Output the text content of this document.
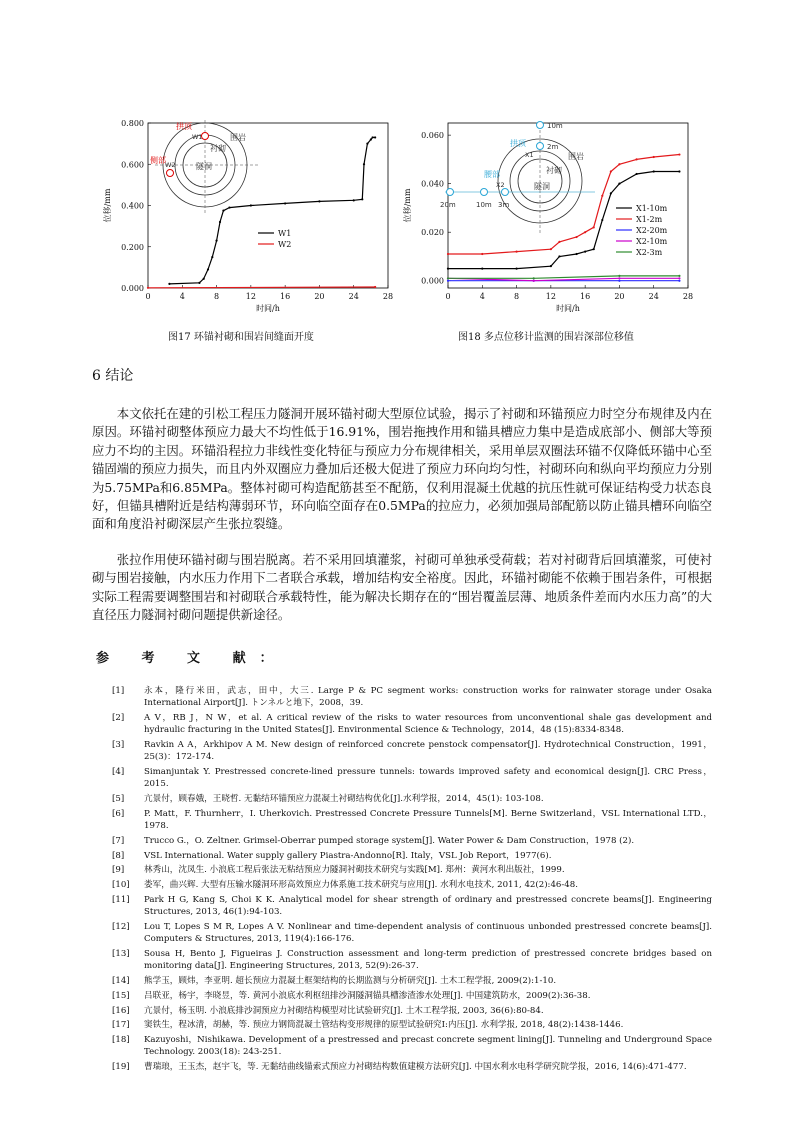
0	4	8	12	16	20	24	28
0.000
0.200
0.400
0.600
0.800
时间/h
位移/mm
拱顶
围岩
衬砌
隧洞
侧部
W1
W2
W1
W2
图17 环锚衬砌和围岩间缝面开度
0	4	8	12	16	20	24	28
0.000
0.020
0.040
0.060
时间/h
位移/mm
拱顶
围岩
衬砌
隧洞
腰部
X1
X2
10m
2m
20m	10m 3m	X1-10m
X1-2m
X2-20m
X2-10m
X2-3m
图18 多点位移计监测的围岩深部位移值
6 结论

本文依托在建的引松工程压力隧洞开展环锚衬砌大型原位试验，揭示了衬砌和环锚预应力时空分布规律及内在原因。环锚衬砌整体预应力最大不均性低于16.91%，围岩拖拽作用和锚具槽应力集中是造成底部小、侧部大等预应力不均的主因。环锚沿程拉力非线性变化特征与预应力分布规律相关，采用单层双圈法环锚不仅降低环锚中心至锚固端的预应力损失，而且内外双圈应力叠加后还极大促进了预应力环向均匀性，衬砌环向和纵向平均预应力分别为5.75MPa和6.85MPa。整体衬砌可构造配筋甚至不配筋，仅利用混凝土优越的抗压性就可保证结构受力状态良好，但锚具槽附近是结构薄弱环节，环向临空面存在0.5MPa的拉应力，必须加强局部配筋以防止锚具槽环向临空面和角度沿衬砌深层产生张拉裂缝。

张拉作用使环锚衬砌与围岩脱离。若不采用回填灌浆，衬砌可单独承受荷载；若对衬砌背后回填灌浆，可使衬砌与围岩接触，内水压力作用下二者联合承载，增加结构安全裕度。因此，环锚衬砌能不依赖于围岩条件，可根据实际工程需要调整围岩和衬砌联合承载特性，能为解决长期存在的“围岩覆盖层薄、地质条件差而内水压力高”的大直径压力隧洞衬砌问题提供新途径。

参 考 文 献：
[1]	永本，隆行米田，武志，田中，大三. Large P & PC segment works: construction works for rainwater storage under Osaka International Airport[J]. トンネルと地下，2008，39.
[2]	A V，RB J，N W，et al. A critical review of the risks to water resources from unconventional shale gas development and hydraulic fracturing in the United States[J]. Environmental Science & Technology，2014，48 (15):8334-8348.
[3]	Ravkin A A，Arkhipov A M. New design of reinforced concrete penstock compensator[J]. Hydrotechnical Construction，1991，25(3)：172-174.
[4]	Simanjuntak Y. Prestressed concrete-lined pressure tunnels: towards improved safety and economical design[J]. CRC Press，2015.
[5]	亢景付，顾春娥，王晓哲. 无黏结环锚预应力混凝土衬砌结构优化[J].水利学报，2014，45(1): 103-108.
[6]	P. Matt，F. Thurnherr，I. Uherkovich. Prestressed Concrete Pressure Tunnels[M]. Berne Switzerland，VSL International LTD.，1978.
[7]	Trucco G.，O. Zeltner. Grimsel-Oberrar pumped storage system[J]. Water Power & Dam Construction，1978 (2).
[8]	VSL International. Water supply gallery Piastra-Andonno[R]. Italy，VSL Job Report，1977(6).
[9]	林秀山，沈凤生. 小浪底工程后张法无粘结预应力隧洞衬砌技术研究与实践[M]. 郑州：黄河水利出版社，1999.
[10]	娄军，曲兴辉. 大型有压输水隧洞环形高效预应力体系施工技术研究与应用[J]. 水利水电技术, 2011, 42(2):46-48.
[11]	Park H G, Kang S, Choi K K. Analytical model for shear strength of ordinary and prestressed concrete beams[J]. Engineering Structures, 2013, 46(1):94-103.
[12]	Lou T, Lopes S M R, Lopes A V. Nonlinear and time-dependent analysis of continuous unbonded prestressed concrete beams[J]. Computers & Structures, 2013, 119(4):166-176.
[13]	Sousa H, Bento J, Figueiras J. Construction assessment and long-term prediction of prestressed concrete bridges based on monitoring data[J]. Engineering Structures, 2013, 52(9):26-37.
[14]	熊学玉，顾炜，李亚明. 超长预应力混凝土框架结构的长期监测与分析研究[J]. 土木工程学报, 2009(2):1-10.
[15]	吕联亚，杨宇，李晓昱，等. 黄河小浪底水利枢纽排沙洞隧洞锚具槽渗渣渗水处理[J]. 中国建筑防水，2009(2):36-38.
[16]	亢景付，杨玉明. 小浪底排沙洞预应力衬砌结构模型对比试验研究[J]. 土木工程学报, 2003, 36(6):80-84.
[17]	窦铁生，程冰清，胡赫，等. 预应力钢筒混凝土管结构变形规律的原型试验研究Ⅰ:内压[J]. 水利学报, 2018, 48(2):1438-1446.
[18]	Kazuyoshi，Nishikawa. Development of a prestressed and precast concrete segment lining[J]. Tunneling and Underground Space Technology. 2003(18): 243-251.
[19]	曹瑞琅，王玉杰，赵宇飞，等. 无黏结曲线锚索式预应力衬砌结构数值建模方法研究[J]. 中国水利水电科学研究院学报，2016, 14(6):471-477.
